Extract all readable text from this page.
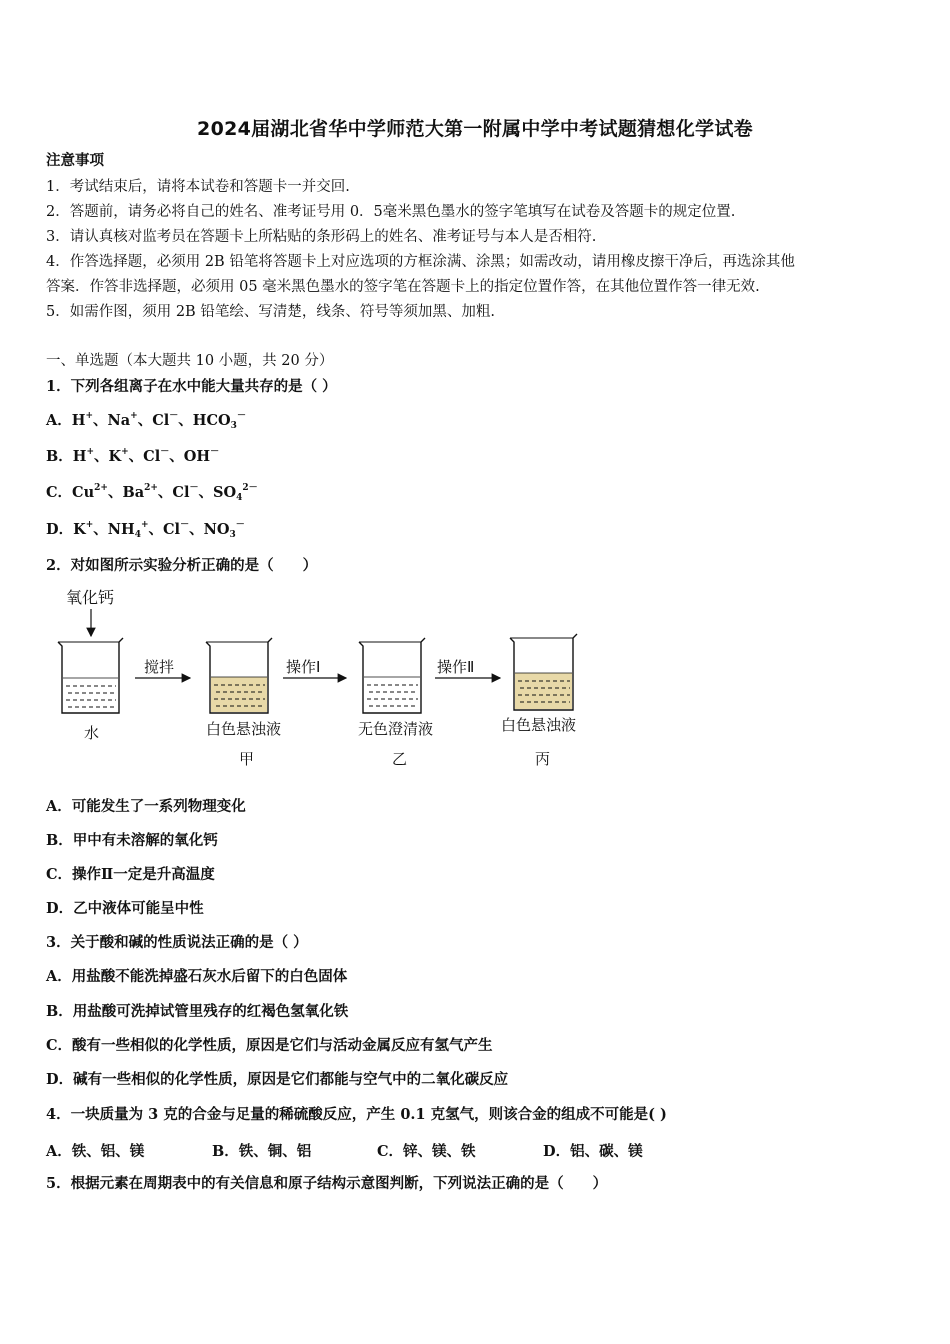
2024届湖北省华中学师范大第一附属中学中考试题猜想化学试卷
注意事项
1．考试结束后，请将本试卷和答题卡一并交回.
2．答题前，请务必将自己的姓名、准考证号用 0．5毫米黑色墨水的签字笔填写在试卷及答题卡的规定位置.
3．请认真核对监考员在答题卡上所粘贴的条形码上的姓名、准考证号与本人是否相符.
4．作答选择题，必须用 2B 铅笔将答题卡上对应选项的方框涂满、涂黑；如需改动，请用橡皮擦干净后，再选涂其他
答案．作答非选择题，必须用 05 毫米黑色墨水的签字笔在答题卡上的指定位置作答，在其他位置作答一律无效.
5．如需作图，须用 2B 铅笔绘、写清楚，线条、符号等须加黑、加粗.
一、单选题（本大题共 10 小题，共 20 分）
1．下列各组离子在水中能大量共存的是（ ）
A．H+、Na+、Cl－、$HCO_3^-$
B．H+、K+、Cl－、OH－
C．$Cu^{2+}$、$Ba^{2+}$、Cl－、$SO_4^{2-}$
D．K+、$NH_4^+$、Cl－、$NO_3^-$
2．对如图所示实验分析正确的是（　　）
氧化钙
水
搅拌
白色悬浊液
甲
操作Ⅰ
无色澄清液
乙
操作Ⅱ
白色悬浊液
丙
A．可能发生了一系列物理变化
B．甲中有未溶解的氧化钙
C．操作Ⅱ一定是升高温度
D．乙中液体可能呈中性
3．关于酸和碱的性质说法正确的是（ ）
A．用盐酸不能洗掉盛石灰水后留下的白色固体
B．用盐酸可洗掉试管里残存的红褐色氢氧化铁
C．酸有一些相似的化学性质，原因是它们与活动金属反应有氢气产生
D．碱有一些相似的化学性质，原因是它们都能与空气中的二氧化碳反应
4．一块质量为 3 克的合金与足量的稀硫酸反应，产生 0.1 克氢气，则该合金的组成不可能是( )
A．铁、铝、镁	B．铁、铜、铝	C．锌、镁、铁	D．铝、碳、镁
5．根据元素在周期表中的有关信息和原子结构示意图判断，下列说法正确的是（　　）
